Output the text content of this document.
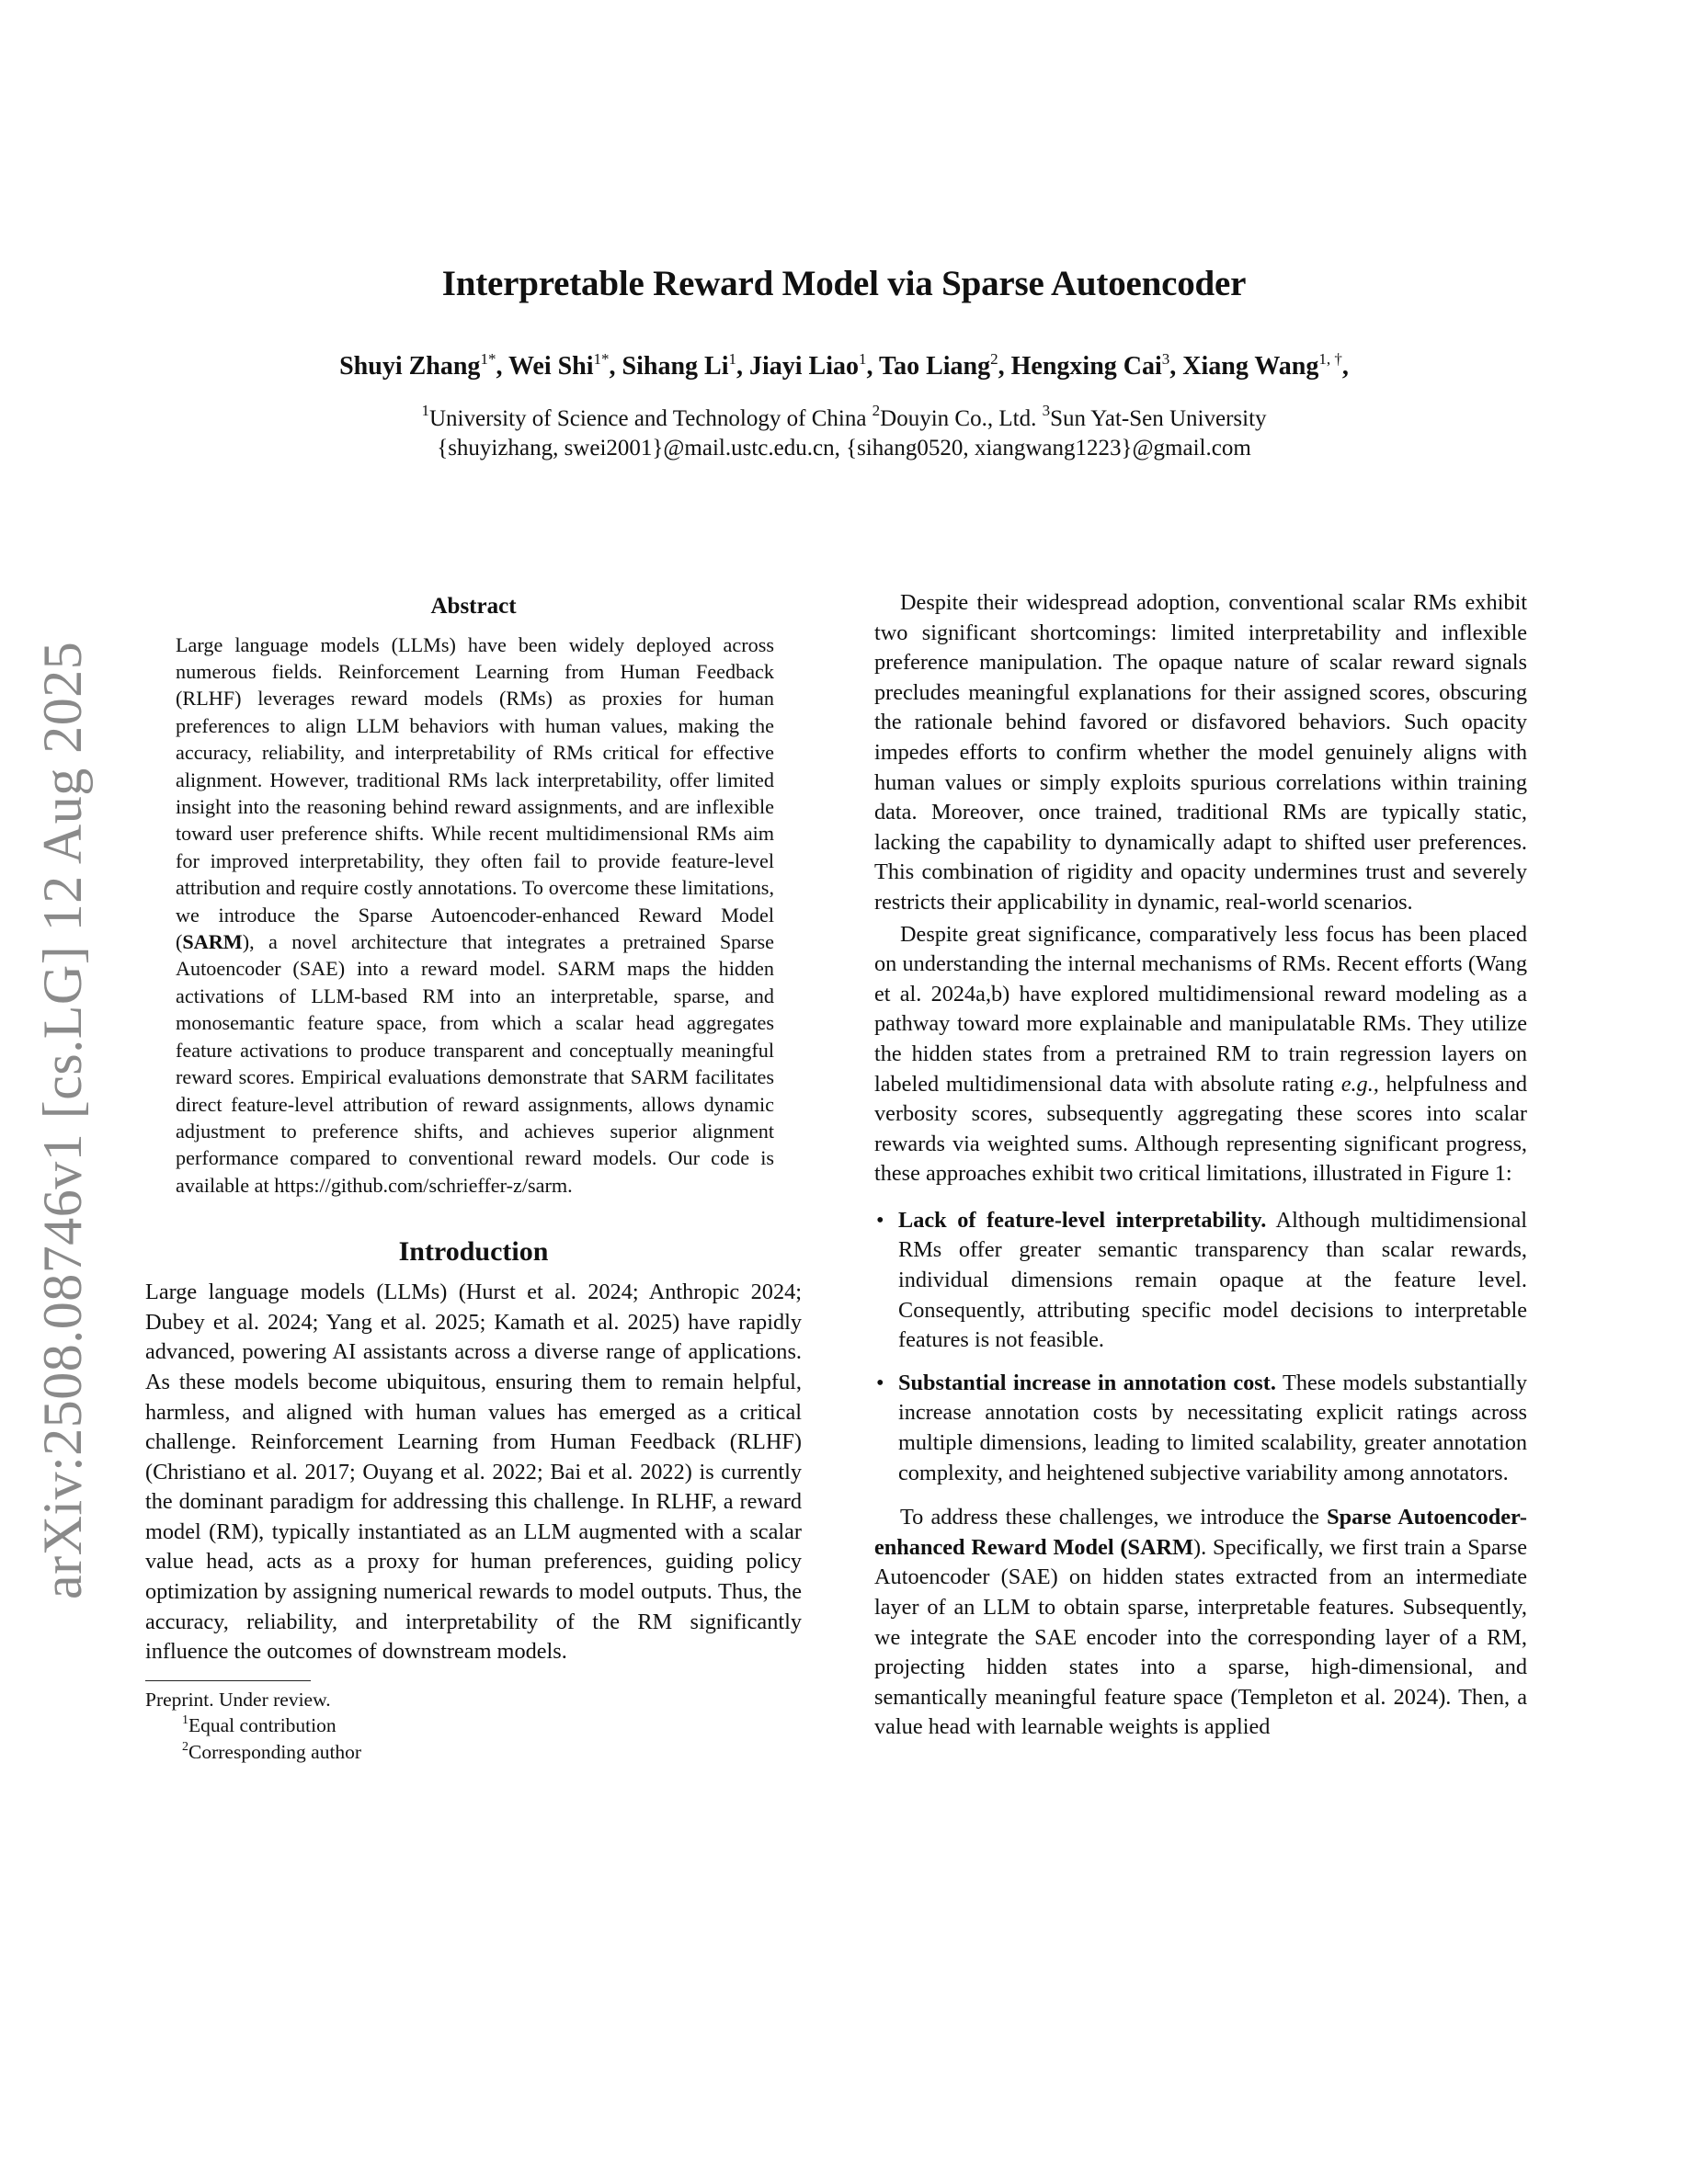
arXiv:2508.08746v1 [cs.LG] 12 Aug 2025
Interpretable Reward Model via Sparse Autoencoder
Shuyi Zhang$^{1*}$, Wei Shi$^{1*}$, Sihang Li$^1$, Jiayi Liao$^1$, Tao Liang$^2$, Hengxing Cai$^3$, Xiang Wang$^{1, \dagger}$,
$^1$University of Science and Technology of China $^2$Douyin Co., Ltd. $^3$Sun Yat-Sen University
{shuyizhang, swei2001}@mail.ustc.edu.cn, {sihang0520, xiangwang1223}@gmail.com
Abstract

Large language models (LLMs) have been widely deployed across numerous fields. Reinforcement Learning from Human Feedback (RLHF) leverages reward models (RMs) as proxies for human preferences to align LLM behaviors with human values, making the accuracy, reliability, and interpretability of RMs critical for effective alignment. However, traditional RMs lack interpretability, offer limited insight into the reasoning behind reward assignments, and are inflexible toward user preference shifts. While recent multidimensional RMs aim for improved interpretability, they often fail to provide feature-level attribution and require costly annotations. To overcome these limitations, we introduce the Sparse Autoencoder-enhanced Reward Model (SARM), a novel architecture that integrates a pretrained Sparse Autoencoder (SAE) into a reward model. SARM maps the hidden activations of LLM-based RM into an interpretable, sparse, and monosemantic feature space, from which a scalar head aggregates feature activations to produce transparent and conceptually meaningful reward scores. Empirical evaluations demonstrate that SARM facilitates direct feature-level attribution of reward assignments, allows dynamic adjustment to preference shifts, and achieves superior alignment performance compared to conventional reward models. Our code is available at https://github.com/schrieffer-z/sarm.

Introduction

Large language models (LLMs) (Hurst et al. 2024; Anthropic 2024; Dubey et al. 2024; Yang et al. 2025; Kamath et al. 2025) have rapidly advanced, powering AI assistants across a diverse range of applications. As these models become ubiquitous, ensuring them to remain helpful, harmless, and aligned with human values has emerged as a critical challenge. Reinforcement Learning from Human Feedback (RLHF) (Christiano et al. 2017; Ouyang et al. 2022; Bai et al. 2022) is currently the dominant paradigm for addressing this challenge. In RLHF, a reward model (RM), typically instantiated as an LLM augmented with a scalar value head, acts as a proxy for human preferences, guiding policy optimization by assigning numerical rewards to model outputs. Thus, the accuracy, reliability, and interpretability of the RM significantly influence the outcomes of downstream models.

Preprint. Under review.
$^1$Equal contribution
$^2$Corresponding author

Despite their widespread adoption, conventional scalar RMs exhibit two significant shortcomings: limited interpretability and inflexible preference manipulation. The opaque nature of scalar reward signals precludes meaningful explanations for their assigned scores, obscuring the rationale behind favored or disfavored behaviors. Such opacity impedes efforts to confirm whether the model genuinely aligns with human values or simply exploits spurious correlations within training data. Moreover, once trained, traditional RMs are typically static, lacking the capability to dynamically adapt to shifted user preferences. This combination of rigidity and opacity undermines trust and severely restricts their applicability in dynamic, real-world scenarios.

Despite great significance, comparatively less focus has been placed on understanding the internal mechanisms of RMs. Recent efforts (Wang et al. 2024a,b) have explored multidimensional reward modeling as a pathway toward more explainable and manipulatable RMs. They utilize the hidden states from a pretrained RM to train regression layers on labeled multidimensional data with absolute rating e.g., helpfulness and verbosity scores, subsequently aggregating these scores into scalar rewards via weighted sums. Although representing significant progress, these approaches exhibit two critical limitations, illustrated in Figure 1:

• Lack of feature-level interpretability. Although multidimensional RMs offer greater semantic transparency than scalar rewards, individual dimensions remain opaque at the feature level. Consequently, attributing specific model decisions to interpretable features is not feasible.
• Substantial increase in annotation cost. These models substantially increase annotation costs by necessitating explicit ratings across multiple dimensions, leading to limited scalability, greater annotation complexity, and heightened subjective variability among annotators.

To address these challenges, we introduce the Sparse Autoencoder-enhanced Reward Model (SARM). Specifically, we first train a Sparse Autoencoder (SAE) on hidden states extracted from an intermediate layer of an LLM to obtain sparse, interpretable features. Subsequently, we integrate the SAE encoder into the corresponding layer of a RM, projecting hidden states into a sparse, high-dimensional, and semantically meaningful feature space (Templeton et al. 2024). Then, a value head with learnable weights is applied
